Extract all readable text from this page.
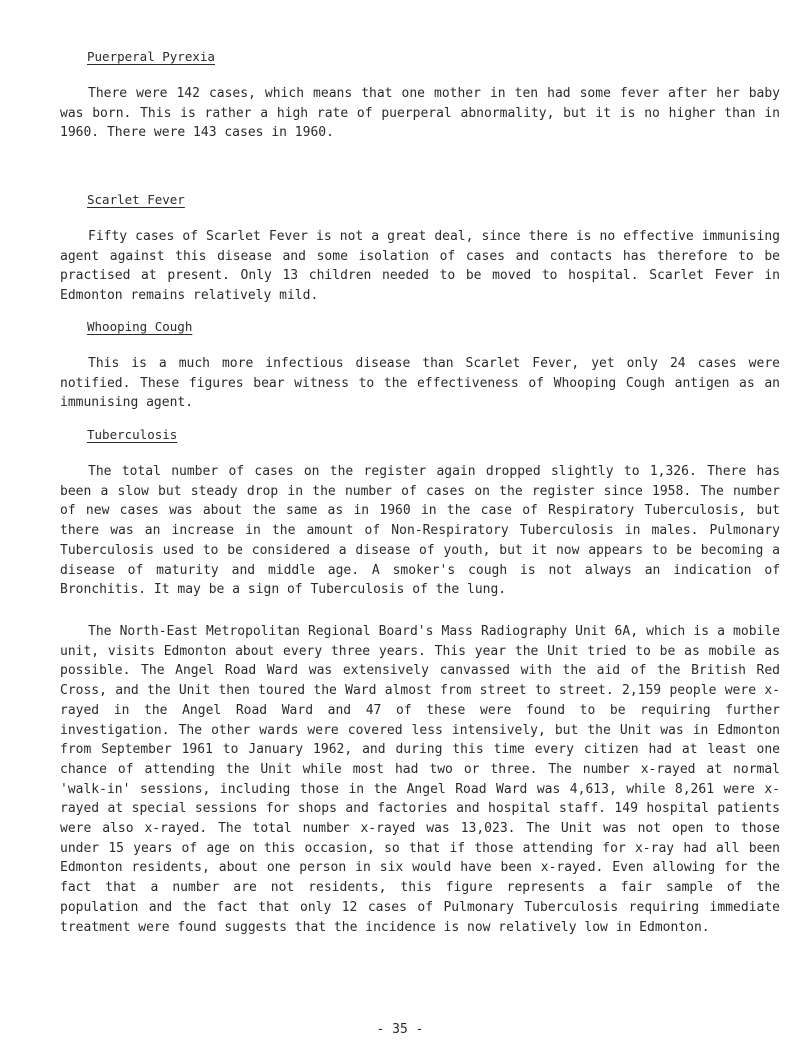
Puerperal Pyrexia
There were 142 cases, which means that one mother in ten had some fever after her baby was born. This is rather a high rate of puerperal abnormality, but it is no higher than in 1960. There were 143 cases in 1960.
Scarlet Fever
Fifty cases of Scarlet Fever is not a great deal, since there is no effective immunising agent against this disease and some isolation of cases and contacts has therefore to be practised at present. Only 13 children needed to be moved to hospital. Scarlet Fever in Edmonton remains relatively mild.
Whooping Cough
This is a much more infectious disease than Scarlet Fever, yet only 24 cases were notified. These figures bear witness to the effectiveness of Whooping Cough antigen as an immunising agent.
Tuberculosis
The total number of cases on the register again dropped slightly to 1,326. There has been a slow but steady drop in the number of cases on the register since 1958. The number of new cases was about the same as in 1960 in the case of Respiratory Tuberculosis, but there was an increase in the amount of Non-Respiratory Tuberculosis in males. Pulmonary Tuberculosis used to be considered a disease of youth, but it now appears to be becoming a disease of maturity and middle age. A smoker's cough is not always an indication of Bronchitis. It may be a sign of Tuberculosis of the lung.
The North-East Metropolitan Regional Board's Mass Radiography Unit 6A, which is a mobile unit, visits Edmonton about every three years. This year the Unit tried to be as mobile as possible. The Angel Road Ward was extensively canvassed with the aid of the British Red Cross, and the Unit then toured the Ward almost from street to street. 2,159 people were x-rayed in the Angel Road Ward and 47 of these were found to be requiring further investigation. The other wards were covered less intensively, but the Unit was in Edmonton from September 1961 to January 1962, and during this time every citizen had at least one chance of attending the Unit while most had two or three. The number x-rayed at normal 'walk-in' sessions, including those in the Angel Road Ward was 4,613, while 8,261 were x-rayed at special sessions for shops and factories and hospital staff. 149 hospital patients were also x-rayed. The total number x-rayed was 13,023. The Unit was not open to those under 15 years of age on this occasion, so that if those attending for x-ray had all been Edmonton residents, about one person in six would have been x-rayed. Even allowing for the fact that a number are not residents, this figure represents a fair sample of the population and the fact that only 12 cases of Pulmonary Tuberculosis requiring immediate treatment were found suggests that the incidence is now relatively low in Edmonton.
- 35 -
